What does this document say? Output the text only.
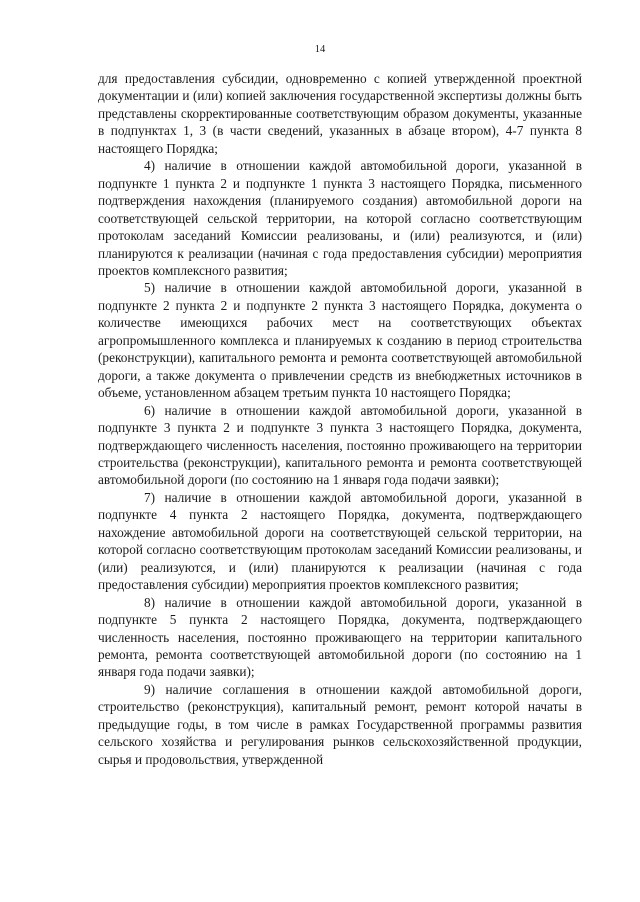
14

для предоставления субсидии, одновременно с копией утвержденной проектной документации и (или) копией заключения государственной экспертизы должны быть представлены скорректированные соответствующим образом документы, указанные в подпунктах 1, 3 (в части сведений, указанных в абзаце втором), 4-7 пункта 8 настоящего Порядка;

4) наличие в отношении каждой автомобильной дороги, указанной в подпункте 1 пункта 2 и подпункте 1 пункта 3 настоящего Порядка, письменного подтверждения нахождения (планируемого создания) автомобильной дороги на соответствующей сельской территории, на которой согласно соответствующим протоколам заседаний Комиссии реализованы, и (или) реализуются, и (или) планируются к реализации (начиная с года предоставления субсидии) мероприятия проектов комплексного развития;

5) наличие в отношении каждой автомобильной дороги, указанной в подпункте 2 пункта 2 и подпункте 2 пункта 3 настоящего Порядка, документа о количестве имеющихся рабочих мест на соответствующих объектах агропромышленного комплекса и планируемых к созданию в период строительства (реконструкции), капитального ремонта и ремонта соответствующей автомобильной дороги, а также документа о привлечении средств из внебюджетных источников в объеме, установленном абзацем третьим пункта 10 настоящего Порядка;

6) наличие в отношении каждой автомобильной дороги, указанной в подпункте 3 пункта 2 и подпункте 3 пункта 3 настоящего Порядка, документа, подтверждающего численность населения, постоянно проживающего на территории строительства (реконструкции), капитального ремонта и ремонта соответствующей автомобильной дороги (по состоянию на 1 января года подачи заявки);

7) наличие в отношении каждой автомобильной дороги, указанной в подпункте 4 пункта 2 настоящего Порядка, документа, подтверждающего нахождение автомобильной дороги на соответствующей сельской территории, на которой согласно соответствующим протоколам заседаний Комиссии реализованы, и (или) реализуются, и (или) планируются к реализации (начиная с года предоставления субсидии) мероприятия проектов комплексного развития;

8) наличие в отношении каждой автомобильной дороги, указанной в подпункте 5 пункта 2 настоящего Порядка, документа, подтверждающего численность населения, постоянно проживающего на территории капитального ремонта, ремонта соответствующей автомобильной дороги (по состоянию на 1 января года подачи заявки);

9) наличие соглашения в отношении каждой автомобильной дороги, строительство (реконструкция), капитальный ремонт, ремонт которой начаты в предыдущие годы, в том числе в рамках Государственной программы развития сельского хозяйства и регулирования рынков сельскохозяйственной продукции, сырья и продовольствия, утвержденной
